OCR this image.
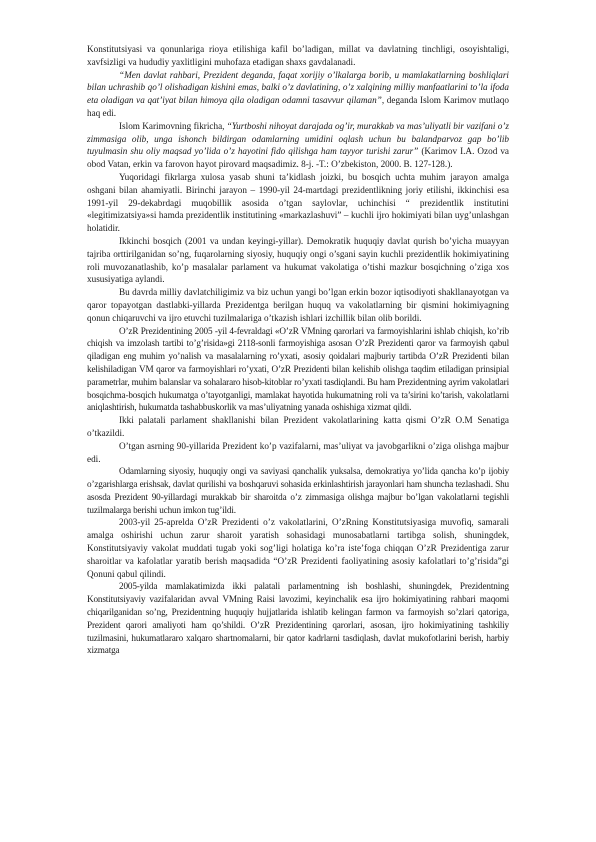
Konstitutsiyasi va qonunlariga rioya etilishiga kafil bo’ladigan, millat va davlatning tinchligi, osoyishtaligi, xavfsizligi va hududiy yaxlitligini muhofaza etadigan shaxs gavdalanadi.

“Men davlat rahbari, Prezident deganda, faqat xorijiy o’lkalarga borib, u mamlakatlarning boshliqlari bilan uchrashib qo’l olishadigan kishini emas, balki o’z davlatining, o’z xalqining milliy manfaatlarini to’la ifoda eta oladigan va qat’iyat bilan himoya qila oladigan odamni tasavvur qilaman”, deganda Islom Karimov mutlaqo haq edi.

Islom Karimovning fikricha, “Yurtboshi nihoyat darajada og’ir, murakkab va mas’uliyatli bir vazifani o’z zimmasiga olib, unga ishonch bildirgan odamlarning umidini oqlash uchun bu balandparvoz gap bo’lib tuyulmasin shu oliy maqsad yo’lida o’z hayotini fido qilishga ham tayyor turishi zarur” (Karimov I.A. Ozod va obod Vatan, erkin va farovon hayot pirovard maqsadimiz. 8-j. -T.: O’zbekiston, 2000. B. 127-128.).

Yuqoridagi fikrlarga xulosa yasab shuni ta’kidlash joizki, bu bosqich uchta muhim jarayon amalga oshgani bilan ahamiyatli. Birinchi jarayon – 1990-yil 24-martdagi prezidentlikning joriy etilishi, ikkinchisi esa 1991-yil 29-dekabrdagi muqobillik asosida o’tgan saylovlar, uchinchisi “ prezidentlik institutini «legitimizatsiya»si hamda prezidentlik institutining «markazlashuvi” – kuchli ijro hokimiyati bilan uyg’unlashgan holatidir.

Ikkinchi bosqich (2001 va undan keyingi-yillar). Demokratik huquqiy davlat qurish bo’yicha muayyan tajriba orttirilganidan so’ng, fuqarolarning siyosiy, huquqiy ongi o’sgani sayin kuchli prezidentlik hokimiyatining roli muvozanatlashib, ko’p masalalar parlament va hukumat vakolatiga o’tishi mazkur bosqichning o’ziga xos xususiyatiga aylandi.

Bu davrda milliy davlatchiligimiz va biz uchun yangi bo’lgan erkin bozor iqtisodiyoti shakllanayotgan va qaror topayotgan dastlabki-yillarda Prezidentga berilgan huquq va vakolatlarning bir qismini hokimiyagning qonun chiqaruvchi va ijro etuvchi tuzilmalariga o’tkazish ishlari izchillik bilan olib borildi.

O’zR Prezidentining 2005 -yil 4-fevraldagi «O’zR VMning qarorlari va farmoyishlarini ishlab chiqish, ko’rib chiqish va imzolash tartibi to’g’risida»gi 2118-sonli farmoyishiga asosan O’zR Prezidenti qaror va farmoyish qabul qiladigan eng muhim yo’nalish va masalalarning ro’yxati, asosiy qoidalari majburiy tartibda O’zR Prezidenti bilan kelishiladigan VM qaror va farmoyishlari ro’yxati, O’zR Prezidenti bilan kelishib olishga taqdim etiladigan prinsipial parametrlar, muhim balanslar va sohalararo hisob-kitoblar ro’yxati tasdiqlandi. Bu ham Prezidentning ayrim vakolatlari bosqichma-bosqich hukumatga o’tayotganligi, mamlakat hayotida hukumatning roli va ta’sirini ko’tarish, vakolatlarni aniqlashtirish, hukumatda tashabbuskorlik va mas’uliyatning yanada oshishiga xizmat qildi.

Ikki palatali parlament shakllanishi bilan Prezident vakolatlarining katta qismi O’zR O.M Senatiga o’tkazildi.

O’tgan asrning 90-yillarida Prezident ko’p vazifalarni, mas’uliyat va javobgarlikni o’ziga olishga majbur edi.

Odamlarning siyosiy, huquqiy ongi va saviyasi qanchalik yuksalsa, demokratiya yo’lida qancha ko’p ijobiy o’zgarishlarga erishsak, davlat qurilishi va boshqaruvi sohasida erkinlashtirish jarayonlari ham shuncha tezlashadi. Shu asosda Prezident 90-yillardagi murakkab bir sharoitda o’z zimmasiga olishga majbur bo’lgan vakolatlarni tegishli tuzilmalarga berishi uchun imkon tug’ildi.

2003-yil 25-aprelda O’zR Prezidenti o’z vakolatlarini, O’zRning Konstitutsiyasiga muvofiq, samarali amalga oshirishi uchun zarur sharoit yaratish sohasidagi munosabatlarni tartibga solish, shuningdek, Konstitutsiyaviy vakolat muddati tugab yoki sog’ligi holatiga ko’ra iste’foga chiqqan O’zR Prezidentiga zarur sharoitlar va kafolatlar yaratib berish maqsadida “O’zR Prezidenti faoliyatining asosiy kafolatlari to’g’risida”gi Qonuni qabul qilindi.

2005-yilda mamlakatimizda ikki palatali parlamentning ish boshlashi, shuningdek, Prezidentning Konstitutsiyaviy vazifalaridan avval VMning Raisi lavozimi, keyinchalik esa ijro hokimiyatining rahbari maqomi chiqarilganidan so’ng, Prezidentning huquqiy hujjatlarida ishlatib kelingan farmon va farmoyish so’zlari qatoriga, Prezident qarori amaliyoti ham qo’shildi. O’zR Prezidentining qarorlari, asosan, ijro hokimiyatining tashkiliy tuzilmasini, hukumatlararo xalqaro shartnomalarni, bir qator kadrlarni tasdiqlash, davlat mukofotlarini berish, harbiy xizmatga
